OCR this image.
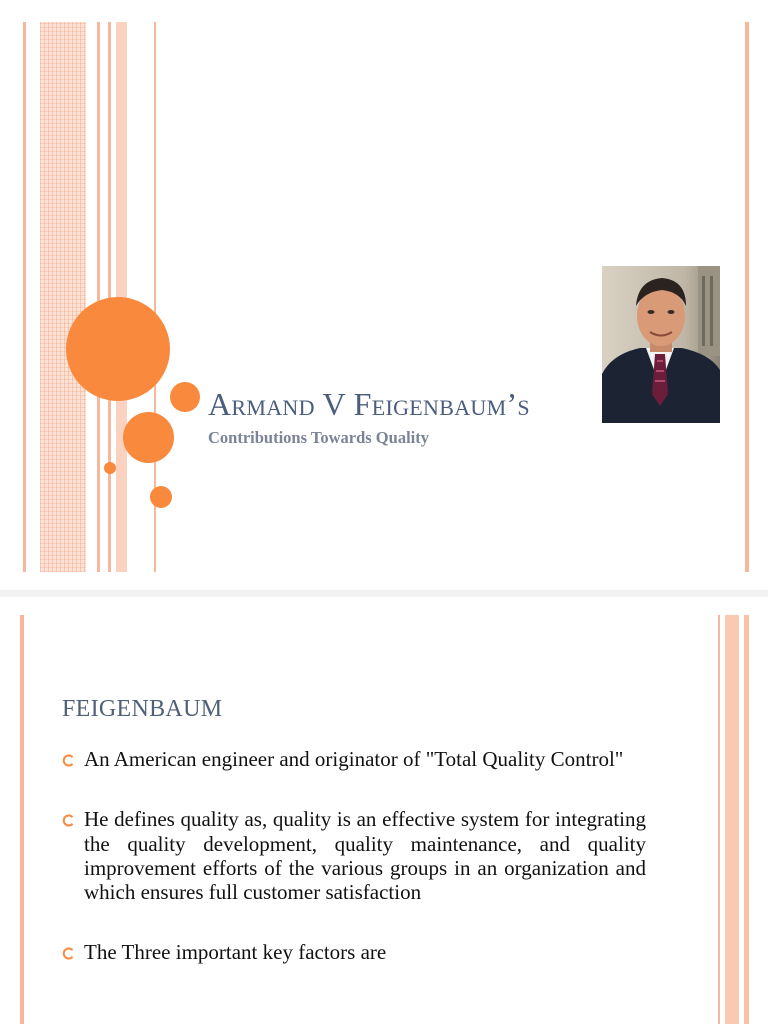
Armand V Feigenbaum’s

Contributions Towards Quality

FEIGENBAUM
An American engineer and originator of "Total Quality Control"
He defines quality as, quality is an effective system for integrating the quality development, quality maintenance, and quality improvement efforts of the various groups in an organization and which ensures full customer satisfaction
The Three important key factors are
